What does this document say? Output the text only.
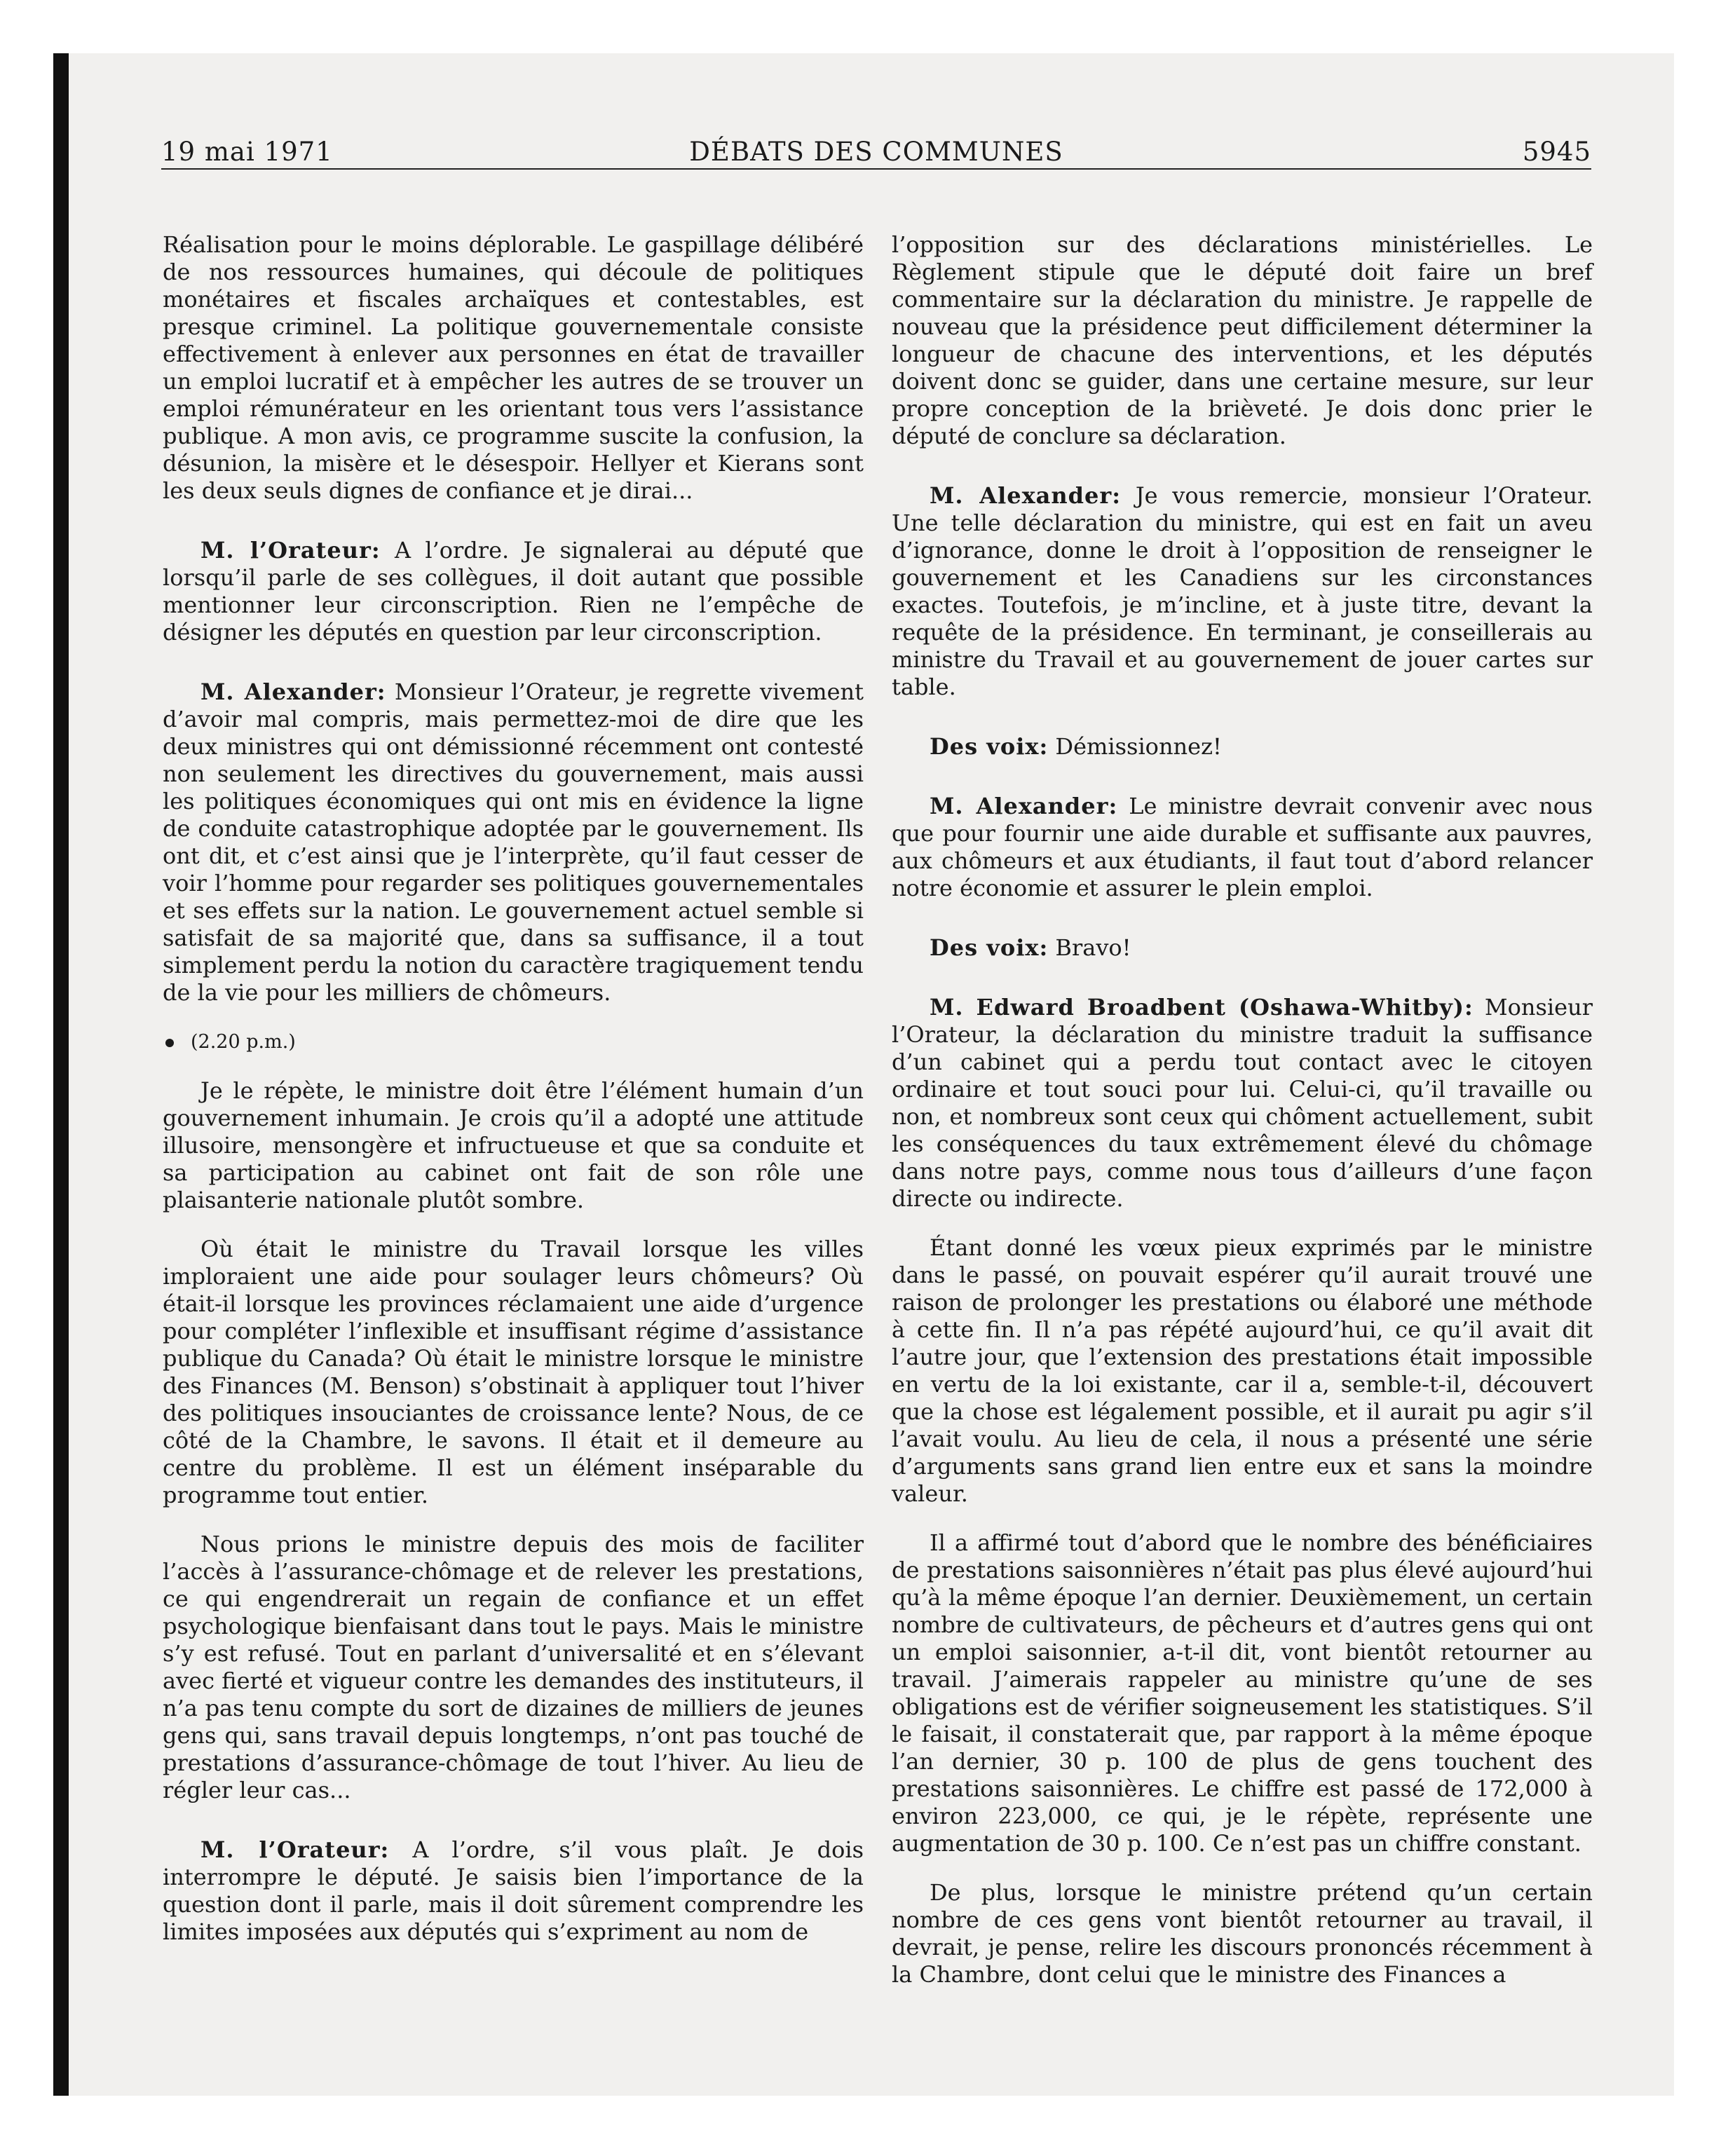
19 mai 1971	DÉBATS DES COMMUNES	5945

Réalisation pour le moins déplorable. Le gaspillage délibéré de nos ressources humaines, qui découle de politiques monétaires et fiscales archaïques et contestables, est presque criminel. La politique gouvernementale consiste effectivement à enlever aux personnes en état de travailler un emploi lucratif et à empêcher les autres de se trouver un emploi rémunérateur en les orientant tous vers l’assistance publique. A mon avis, ce programme suscite la confusion, la désunion, la misère et le désespoir. Hellyer et Kierans sont les deux seuls dignes de confiance et je dirai...

M. l’Orateur: A l’ordre. Je signalerai au député que lorsqu’il parle de ses collègues, il doit autant que possible mentionner leur circonscription. Rien ne l’empêche de désigner les députés en question par leur circonscription.

M. Alexander: Monsieur l’Orateur, je regrette vivement d’avoir mal compris, mais permettez-moi de dire que les deux ministres qui ont démissionné récemment ont contesté non seulement les directives du gouvernement, mais aussi les politiques économiques qui ont mis en évidence la ligne de conduite catastrophique adoptée par le gouvernement. Ils ont dit, et c’est ainsi que je l’interprète, qu’il faut cesser de voir l’homme pour regarder ses politiques gouvernementales et ses effets sur la nation. Le gouvernement actuel semble si satisfait de sa majorité que, dans sa suffisance, il a tout simplement perdu la notion du caractère tragiquement tendu de la vie pour les milliers de chômeurs.

(2.20 p.m.)

Je le répète, le ministre doit être l’élément humain d’un gouvernement inhumain. Je crois qu’il a adopté une attitude illusoire, mensongère et infructueuse et que sa conduite et sa participation au cabinet ont fait de son rôle une plaisanterie nationale plutôt sombre.

Où était le ministre du Travail lorsque les villes imploraient une aide pour soulager leurs chômeurs? Où était-il lorsque les provinces réclamaient une aide d’urgence pour compléter l’inflexible et insuffisant régime d’assistance publique du Canada? Où était le ministre lorsque le ministre des Finances (M. Benson) s’obstinait à appliquer tout l’hiver des politiques insouciantes de croissance lente? Nous, de ce côté de la Chambre, le savons. Il était et il demeure au centre du problème. Il est un élément inséparable du programme tout entier.

Nous prions le ministre depuis des mois de faciliter l’accès à l’assurance-chômage et de relever les prestations, ce qui engendrerait un regain de confiance et un effet psychologique bienfaisant dans tout le pays. Mais le ministre s’y est refusé. Tout en parlant d’universalité et en s’élevant avec fierté et vigueur contre les demandes des instituteurs, il n’a pas tenu compte du sort de dizaines de milliers de jeunes gens qui, sans travail depuis longtemps, n’ont pas touché de prestations d’assurance-chômage de tout l’hiver. Au lieu de régler leur cas...

M. l’Orateur: A l’ordre, s’il vous plaît. Je dois interrompre le député. Je saisis bien l’importance de la question dont il parle, mais il doit sûrement comprendre les limites imposées aux députés qui s’expriment au nom de

l’opposition sur des déclarations ministérielles. Le Règlement stipule que le député doit faire un bref commentaire sur la déclaration du ministre. Je rappelle de nouveau que la présidence peut difficilement déterminer la longueur de chacune des interventions, et les députés doivent donc se guider, dans une certaine mesure, sur leur propre conception de la brièveté. Je dois donc prier le député de conclure sa déclaration.

M. Alexander: Je vous remercie, monsieur l’Orateur. Une telle déclaration du ministre, qui est en fait un aveu d’ignorance, donne le droit à l’opposition de renseigner le gouvernement et les Canadiens sur les circonstances exactes. Toutefois, je m’incline, et à juste titre, devant la requête de la présidence. En terminant, je conseillerais au ministre du Travail et au gouvernement de jouer cartes sur table.

Des voix: Démissionnez!

M. Alexander: Le ministre devrait convenir avec nous que pour fournir une aide durable et suffisante aux pauvres, aux chômeurs et aux étudiants, il faut tout d’abord relancer notre économie et assurer le plein emploi.

Des voix: Bravo!

M. Edward Broadbent (Oshawa-Whitby): Monsieur l’Orateur, la déclaration du ministre traduit la suffisance d’un cabinet qui a perdu tout contact avec le citoyen ordinaire et tout souci pour lui. Celui-ci, qu’il travaille ou non, et nombreux sont ceux qui chôment actuellement, subit les conséquences du taux extrêmement élevé du chômage dans notre pays, comme nous tous d’ailleurs d’une façon directe ou indirecte.

Étant donné les vœux pieux exprimés par le ministre dans le passé, on pouvait espérer qu’il aurait trouvé une raison de prolonger les prestations ou élaboré une méthode à cette fin. Il n’a pas répété aujourd’hui, ce qu’il avait dit l’autre jour, que l’extension des prestations était impossible en vertu de la loi existante, car il a, semble-t-il, découvert que la chose est légalement possible, et il aurait pu agir s’il l’avait voulu. Au lieu de cela, il nous a présenté une série d’arguments sans grand lien entre eux et sans la moindre valeur.

Il a affirmé tout d’abord que le nombre des bénéficiaires de prestations saisonnières n’était pas plus élevé aujourd’hui qu’à la même époque l’an dernier. Deuxièmement, un certain nombre de cultivateurs, de pêcheurs et d’autres gens qui ont un emploi saisonnier, a-t-il dit, vont bientôt retourner au travail. J’aimerais rappeler au ministre qu’une de ses obligations est de vérifier soigneusement les statistiques. S’il le faisait, il constaterait que, par rapport à la même époque l’an dernier, 30 p. 100 de plus de gens touchent des prestations saisonnières. Le chiffre est passé de 172,000 à environ 223,000, ce qui, je le répète, représente une augmentation de 30 p. 100. Ce n’est pas un chiffre constant.

De plus, lorsque le ministre prétend qu’un certain nombre de ces gens vont bientôt retourner au travail, il devrait, je pense, relire les discours prononcés récemment à la Chambre, dont celui que le ministre des Finances a
